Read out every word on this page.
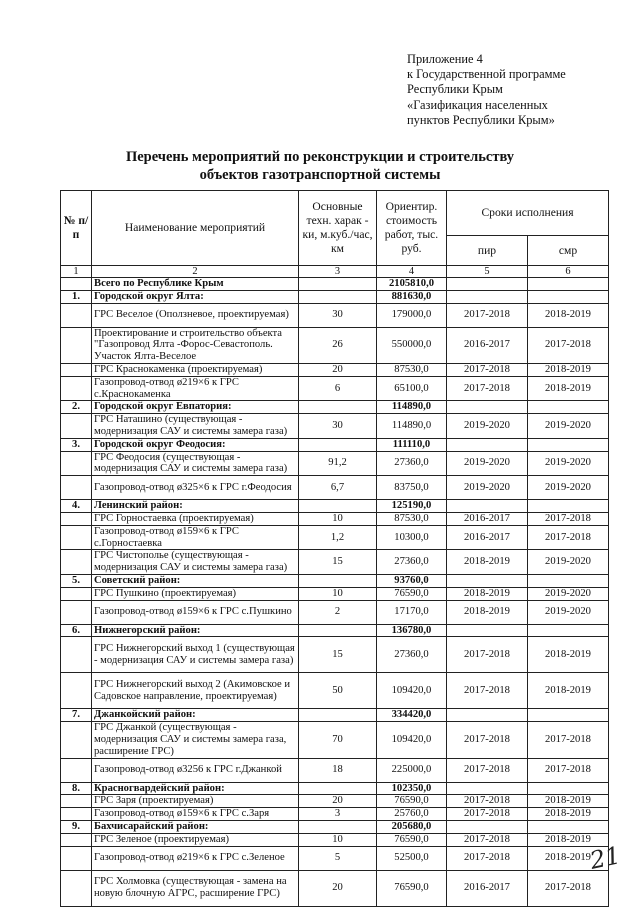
Приложение 4
к Государственной программе
Республики Крым
«Газификация населенных
пунктов Республики Крым»
Перечень мероприятий по реконструкции и строительству
объектов газотранспортной системы
№ п/п	Наименование мероприятий	Основные техн. харак - ки, м.куб./час, км	Ориентир. стоимость работ, тыс. руб.	Сроки исполнения	
				пир	смр
1	2	3	4	5	6
	Всего по Республике Крым		2105810,0		
1.	Городской округ Ялта:		881630,0		
	ГРС Веселое (Оползневое, проектируемая)	30	179000,0	2017-2018	2018-2019
	Проектирование и строительство объекта "Газопровод Ялта -Форос-Севастополь. Участок Ялта-Веселое	26	550000,0	2016-2017	2017-2018
	ГРС Краснокаменка (проектируемая)	20	87530,0	2017-2018	2018-2019
	Газопровод-отвод ø219×6 к ГРС с.Краснокаменка	6	65100,0	2017-2018	2018-2019
2.	Городской округ Евпатория:		114890,0		
	ГРС Наташино (существующая - модернизация САУ и системы замера газа)	30	114890,0	2019-2020	2019-2020
3.	Городской округ Феодосия:		111110,0		
	ГРС Феодосия (существующая - модернизация САУ и системы замера газа)	91,2	27360,0	2019-2020	2019-2020
	Газопровод-отвод ø325×6 к ГРС г.Феодосия	6,7	83750,0	2019-2020	2019-2020
4.	Ленинский район:		125190,0		
	ГРС Горностаевка (проектируемая)	10	87530,0	2016-2017	2017-2018
	Газопровод-отвод ø159×6 к ГРС с.Горностаевка	1,2	10300,0	2016-2017	2017-2018
	ГРС Чистополье (существующая - модернизация САУ и системы замера газа)	15	27360,0	2018-2019	2019-2020
5.	Советский район:		93760,0		
	ГРС Пушкино (проектируемая)	10	76590,0	2018-2019	2019-2020
	Газопровод-отвод ø159×6 к ГРС с.Пушкино	2	17170,0	2018-2019	2019-2020
6.	Нижнегорский район:		136780,0		
	ГРС Нижнегорский выход 1 (существующая - модернизация САУ и системы замера газа)	15	27360,0	2017-2018	2018-2019
	ГРС Нижнегорский выход 2 (Акимовское и Садовское направление, проектируемая)	50	109420,0	2017-2018	2018-2019
7.	Джанкойский район:		334420,0		
	ГРС Джанкой (существующая - модернизация САУ и системы замера газа, расширение ГРС)	70	109420,0	2017-2018	2017-2018
	Газопровод-отвод ø3256 к ГРС г.Джанкой	18	225000,0	2017-2018	2017-2018
8.	Красногвардейский район:		102350,0		
	ГРС Заря (проектируемая)	20	76590,0	2017-2018	2018-2019
	Газопровод-отвод ø159×6 к ГРС с.Заря	3	25760,0	2017-2018	2018-2019
9.	Бахчисарайский район:		205680,0		
	ГРС Зеленое (проектируемая)	10	76590,0	2017-2018	2018-2019
	Газопровод-отвод ø219×6 к ГРС с.Зеленое	5	52500,0	2017-2018	2018-2019
	ГРС Холмовка (существующая - замена на новую блочную АГРС, расширение ГРС)	20	76590,0	2016-2017	2017-2018
21
